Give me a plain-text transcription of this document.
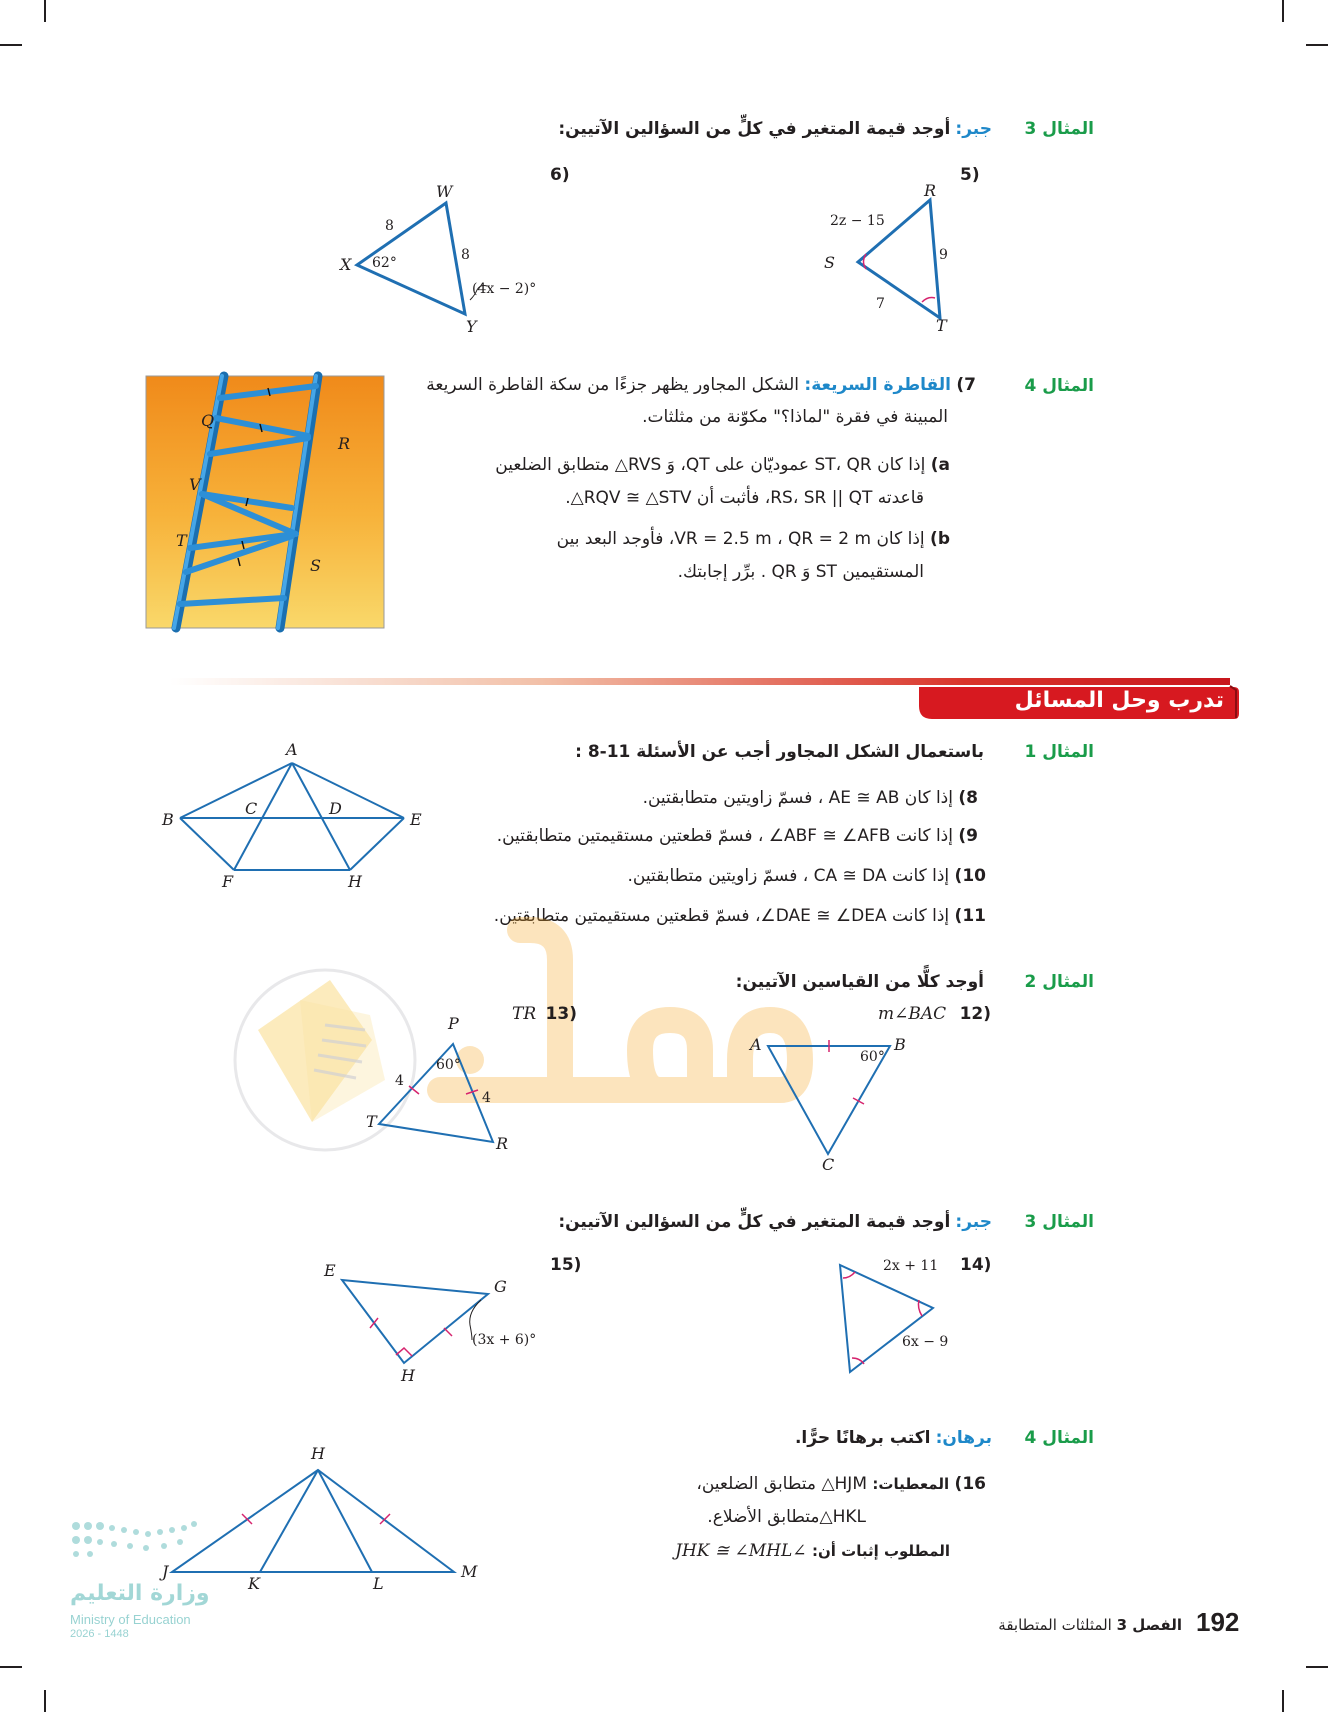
المثال 3
جبر: أوجد قيمة المتغير في كلٍّ من السؤالين الآتيين:
5)
6)
R
S
T
2z − 15
9
7
W
X
Y
8
8
62°
(4x − 2)°
المثال 4
7) القاطرة السريعة: الشكل المجاور يظهر جزءًا من سكة القاطرة السريعة
المبينة في فقرة "لماذا؟" مكوّنة من مثلثات.
a) إذا كان ST، QR عموديّان على QT، وَ RVS△ متطابق الضلعين
قاعدته RS، SR || QT، فأثبت أن RQV ≅ △STV△.
b) إذا كان VR = 2.5 m ، QR = 2 m، فأوجد البعد بين
المستقيمين ST وَ QR . برِّر إجابتك.
Q
R
V
T
S
تدرب وحل المسائل
المثال 1
باستعمال الشكل المجاور أجب عن الأسئلة 11-8 :
8) إذا كان AE ≅ AB ، فسمّ زاويتين متطابقتين.
9) إذا كانت ABF ≅ ∠AFB∠ ، فسمّ قطعتين مستقيمتين متطابقتين.
10) إذا كانت CA ≅ DA ، فسمّ زاويتين متطابقتين.
11) إذا كانت DAE ≅ ∠DEA∠، فسمّ قطعتين مستقيمتين متطابقتين.
A
B
C	D
E
F	H
المثال 2
أوجد كلًّا من القياسين الآتيين:
m∠BAC 12)
TR 13)
A	B
C
60°
P
T
R
60°
4
4
المثال 3
جبر: أوجد قيمة المتغير في كلٍّ من السؤالين الآتيين:
14)
15)	2x + 11
6x − 9
E
G
H
(3x + 6)°
المثال 4
برهان: اكتب برهانًا حرًّا.
16) المعطيات: HJM△ متطابق الضلعين،
HKL△متطابق الأضلاع.
المطلوب إثبات أن: ∠JHK ≅ ∠MHL
H
J
K	L
M
وزارة التعليم
Ministry of Education
2026 - 1448	192
الفصل 3 المثلثات المتطابقة
